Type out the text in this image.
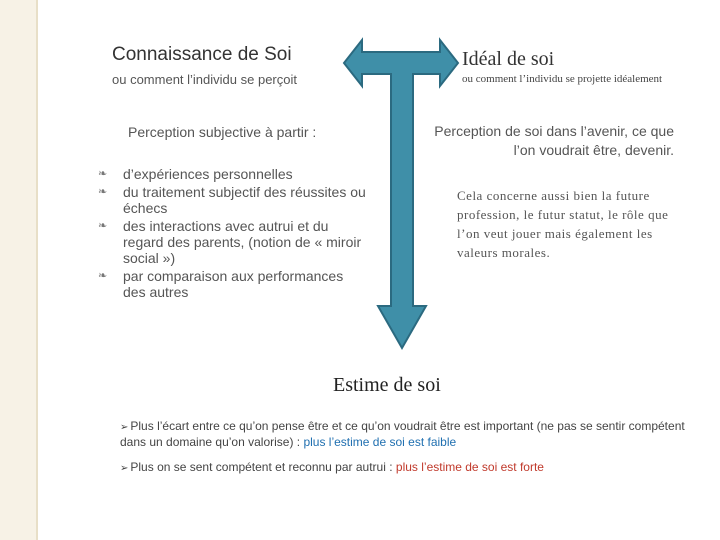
Connaissance de Soi
ou comment l’individu se perçoit
Idéal de soi
ou comment l’individu se projette idéalement
Perception subjective à partir :
❧ d’expériences personnelles
❧ du traitement subjectif des réussites ou échecs
❧ des interactions avec autrui et du regard des parents, (notion de « miroir social »)
❧ par comparaison aux performances des autres
Perception de soi dans l’avenir, ce que l’on voudrait être, devenir.
Cela concerne aussi bien la future profession, le futur statut, le rôle que l’on veut jouer mais également les valeurs morales.
Estime de soi
➢ Plus l’écart entre ce qu’on pense être et ce qu’on voudrait être est important (ne pas se sentir compétent dans un domaine qu’on valorise) : plus l’estime de soi est faible
➢ Plus on se sent compétent et reconnu par autrui : plus l’estime de soi est forte
